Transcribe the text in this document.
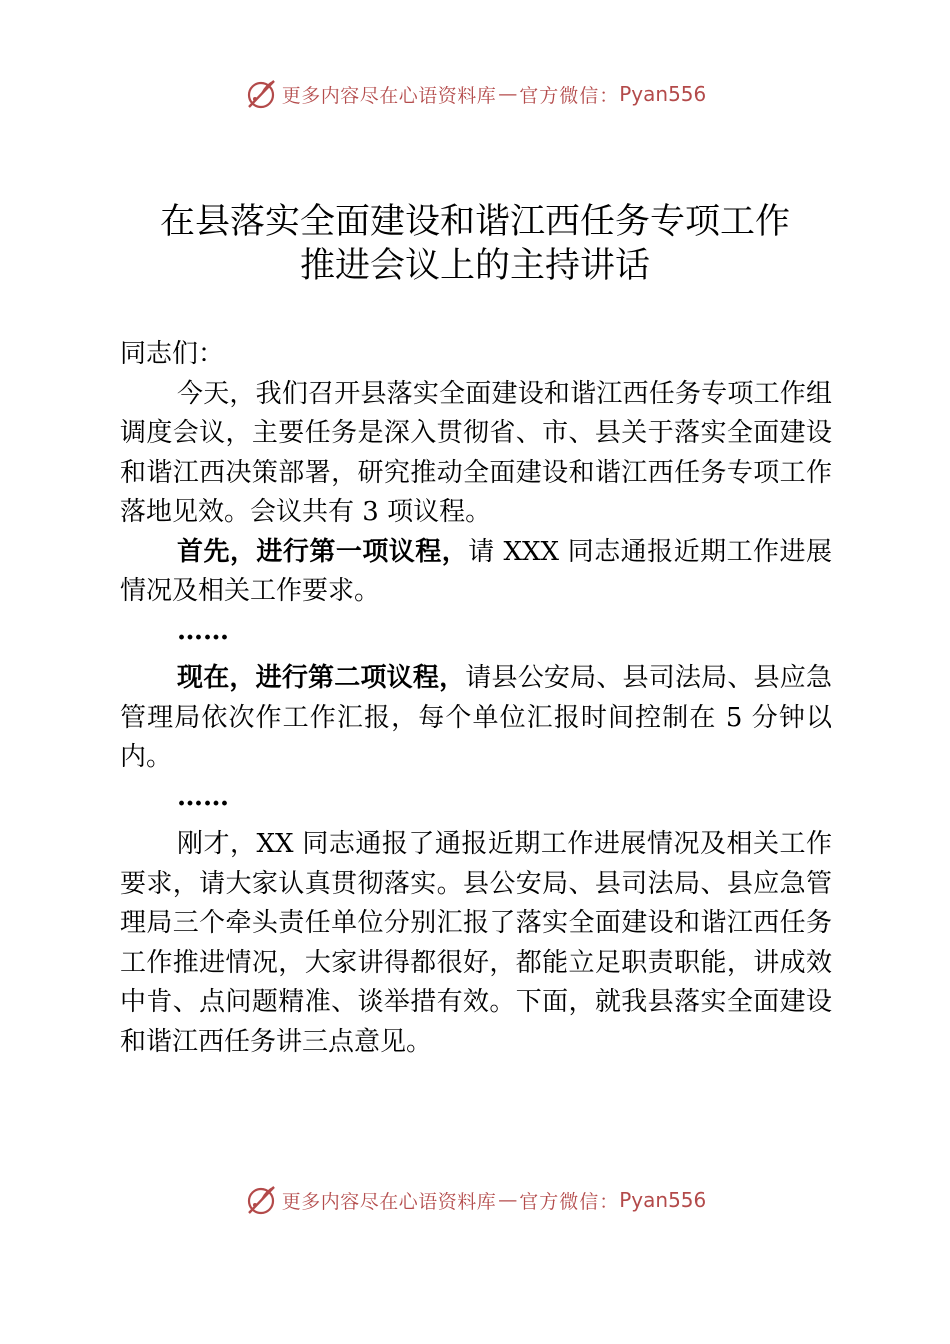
更多内容尽在心语资料库 — 官方微信： Pyan556
在县落实全面建设和谐江西任务专项工作
推进会议上的主持讲话

同志们：

今天，我们召开县落实全面建设和谐江西任务专项工作组调度会议，主要任务是深入贯彻省、市、县关于落实全面建设和谐江西决策部署，研究推动全面建设和谐江西任务专项工作落地见效。会议共有 3 项议程。

首先，进行第一项议程，请 XXX 同志通报近期工作进展情况及相关工作要求。

……

现在，进行第二项议程，请县公安局、县司法局、县应急管理局依次作工作汇报，每个单位汇报时间控制在 5 分钟以内。

……

刚才，XX 同志通报了通报近期工作进展情况及相关工作要求，请大家认真贯彻落实。县公安局、县司法局、县应急管理局三个牵头责任单位分别汇报了落实全面建设和谐江西任务工作推进情况，大家讲得都很好，都能立足职责职能，讲成效中肯、点问题精准、谈举措有效。下面，就我县落实全面建设和谐江西任务讲三点意见。

更多内容尽在心语资料库 — 官方微信： Pyan556
